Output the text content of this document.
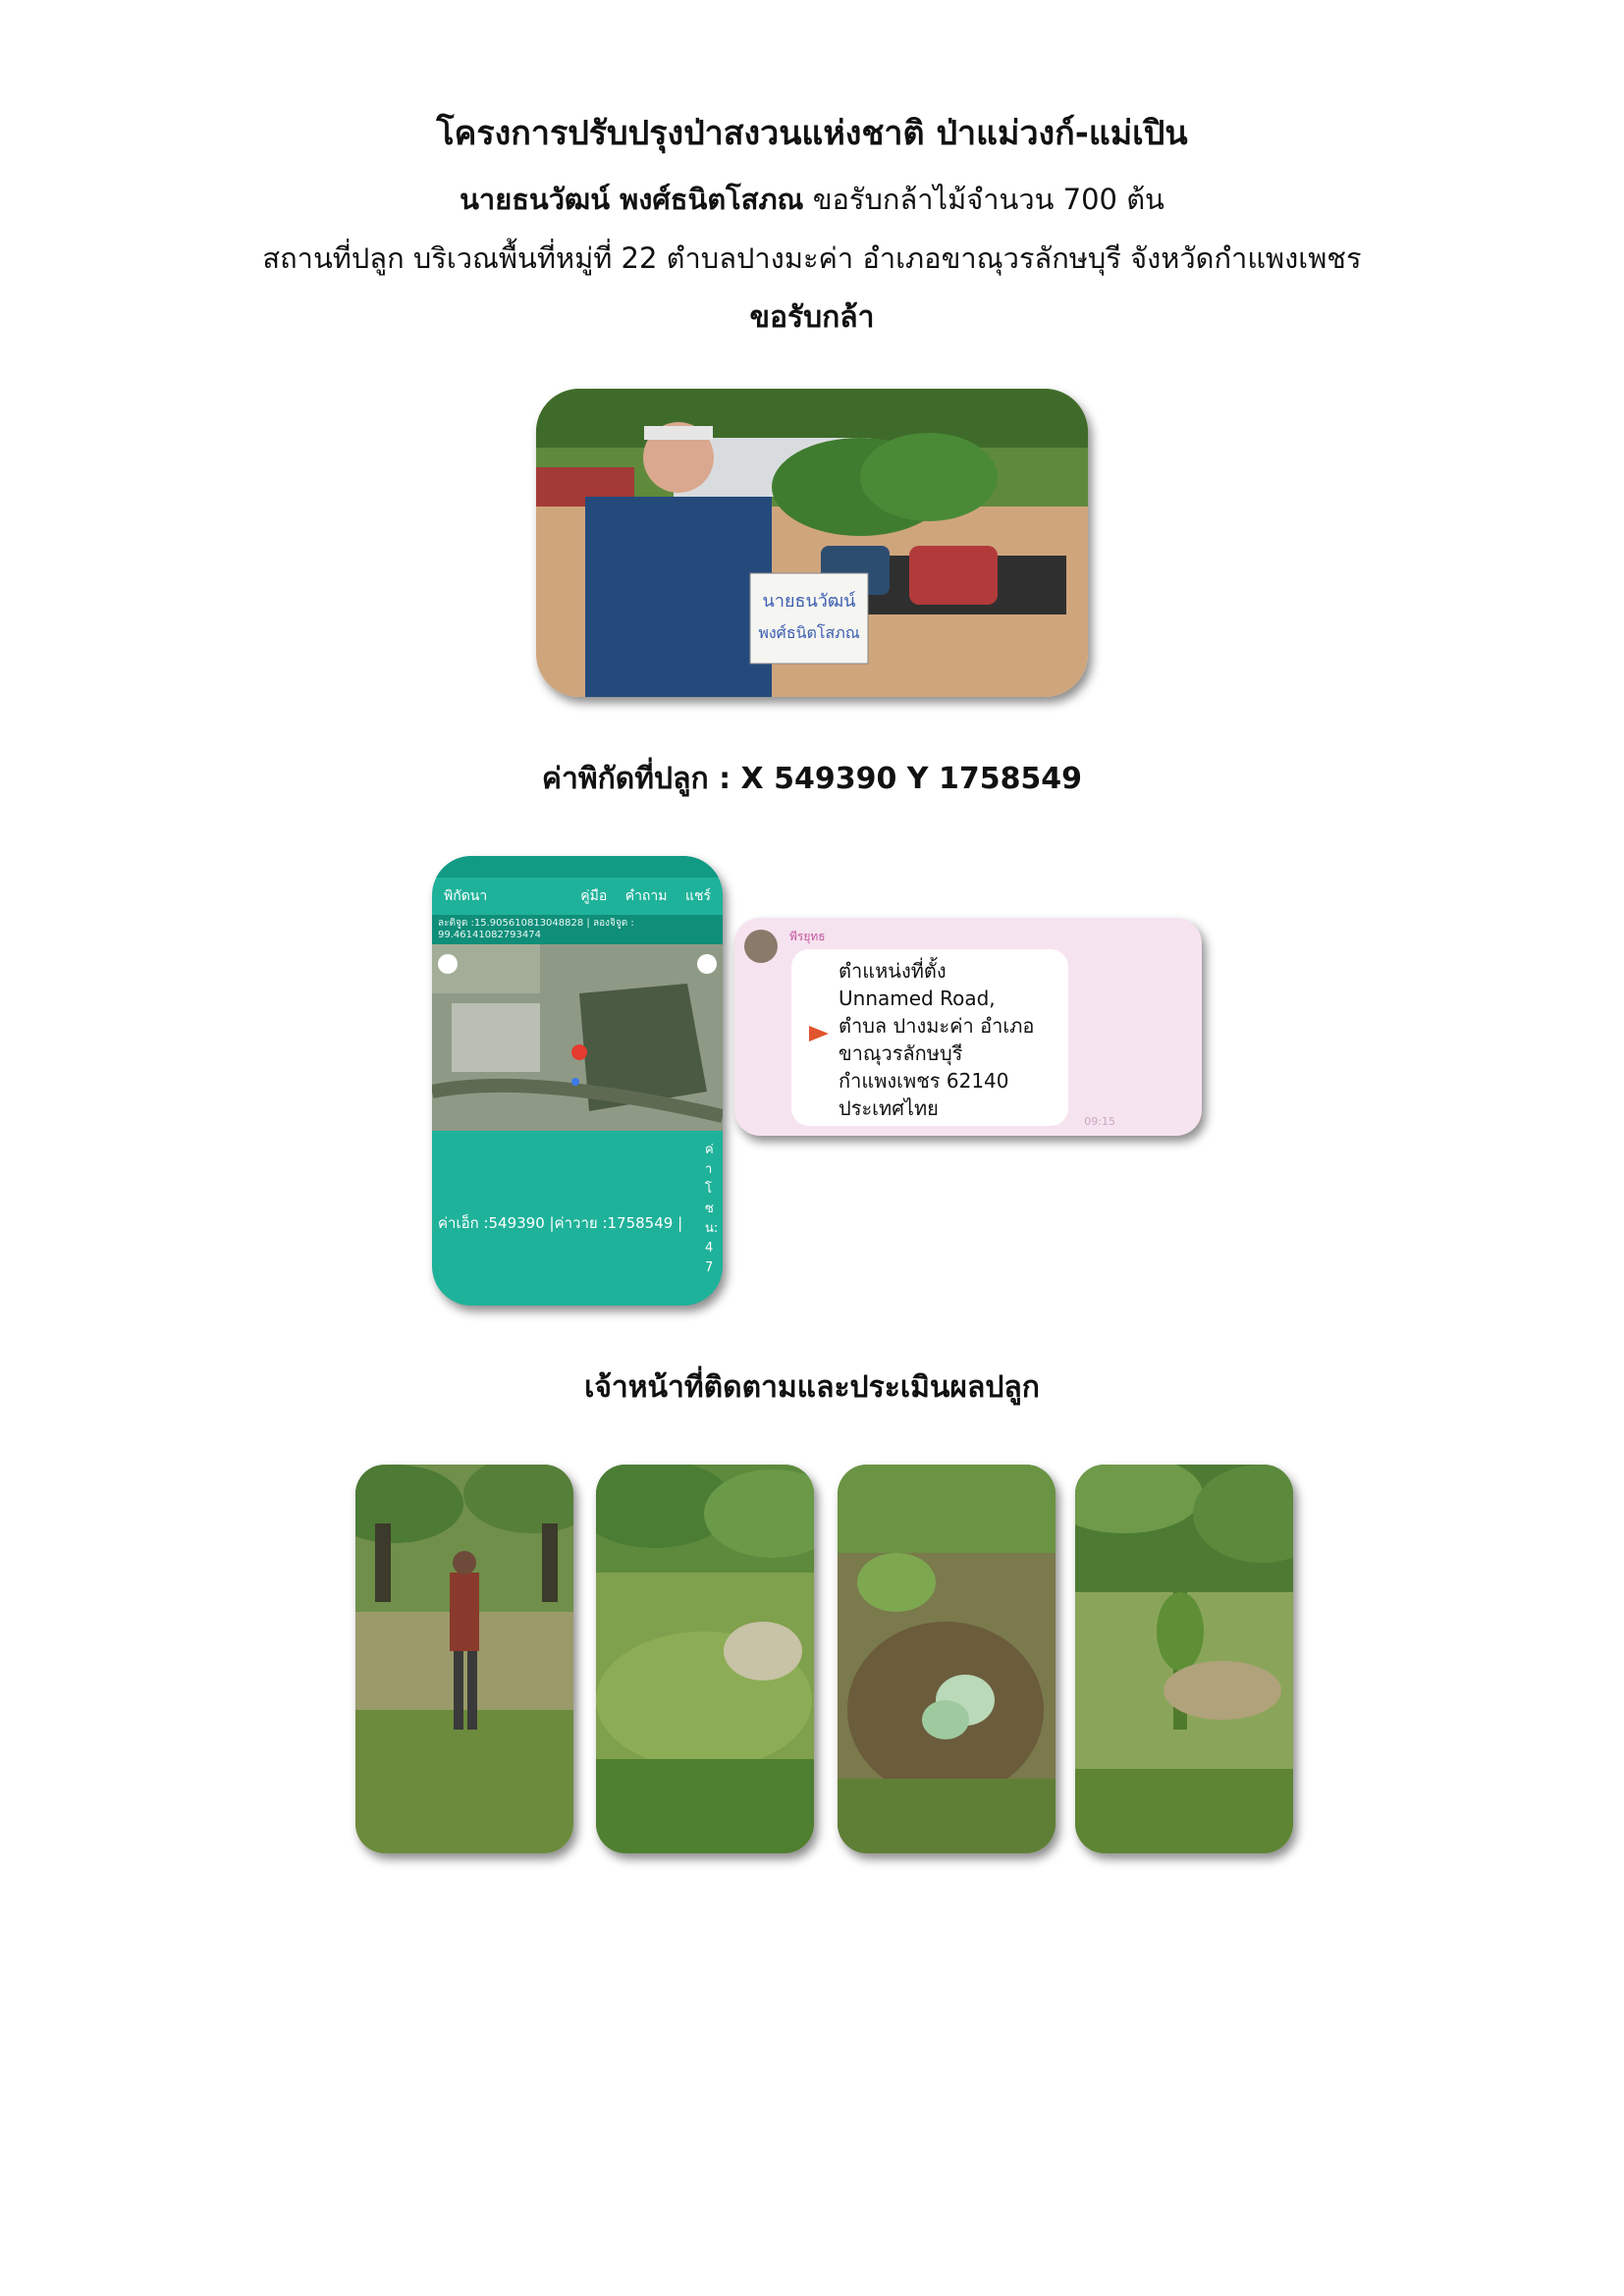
โครงการปรับปรุงป่าสงวนแห่งชาติ ป่าแม่วงก์-แม่เปิน
นายธนวัฒน์ พงศ์ธนิตโสภณ ขอรับกล้าไม้จำนวน 700 ต้น
สถานที่ปลูก บริเวณพื้นที่หมู่ที่ 22 ตำบลปางมะค่า อำเภอขาณุวรลักษบุรี จังหวัดกำแพงเพชร
ขอรับกล้า
นายธนวัฒน์
พงศ์ธนิตโสภณ
ค่าพิกัดที่ปลูก : X 549390 Y 1758549
พิกัดนา	คู่มือ คำถาม แชร์
ละติจูด :15.905610813048828 | ลองจิจูด : 99.46141082793474
ค่าโซน:47
ค่าเอ็ก :549390 |ค่าวาย :1758549 |
พีรยุทธ
ตำแหน่งที่ตั้ง
Unnamed Road,
ตำบล ปางมะค่า อำเภอ
ขาณุวรลักษบุรี
กำแพงเพชร 62140
ประเทศไทย
09:15
เจ้าหน้าที่ติดตามและประเมินผลปลูก
